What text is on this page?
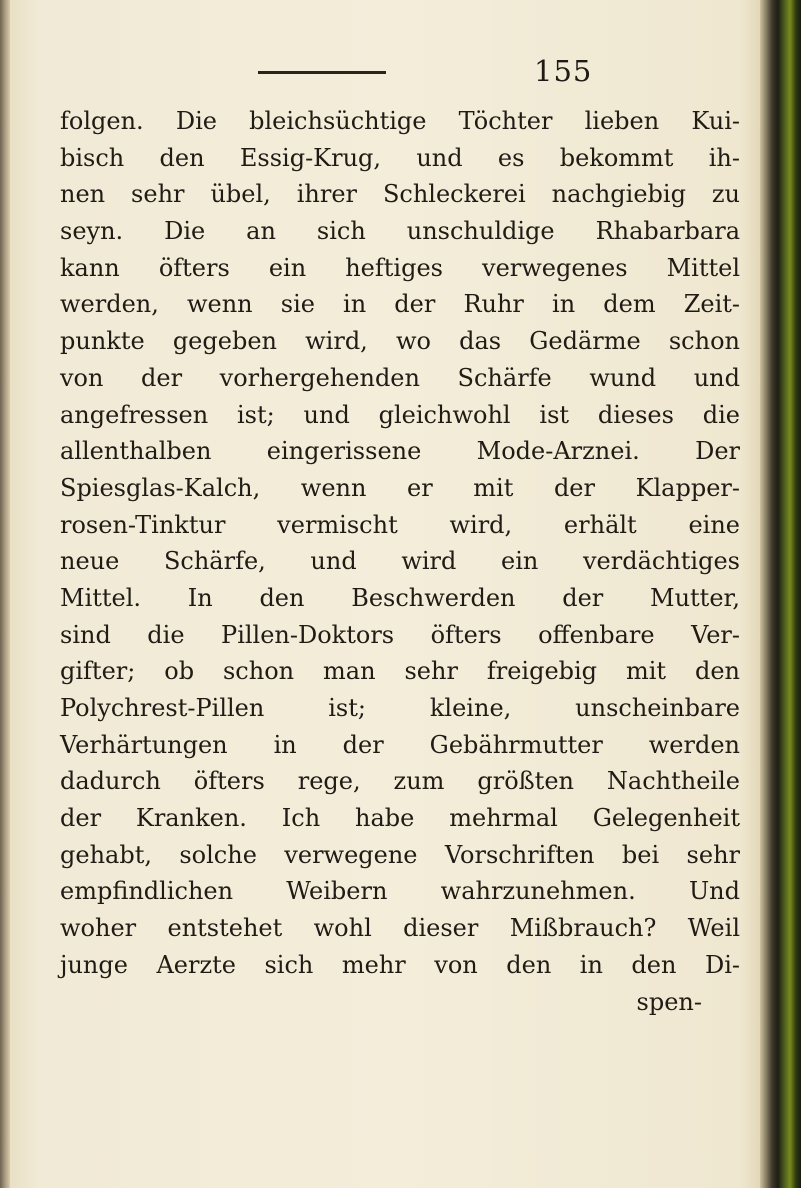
155
folgen. Die bleichsüchtige Töchter lieben Kui-
bisch den Essig-Krug, und es bekommt ih-
nen sehr übel, ihrer Schleckerei nachgiebig zu
seyn. Die an sich unschuldige Rhabarbara
kann öfters ein heftiges verwegenes Mittel
werden, wenn sie in der Ruhr in dem Zeit-
punkte gegeben wird, wo das Gedärme schon
von der vorhergehenden Schärfe wund und
angefressen ist; und gleichwohl ist dieses die
allenthalben eingerissene Mode-Arznei. Der
Spiesglas-Kalch, wenn er mit der Klapper-
rosen-Tinktur vermischt wird, erhält eine
neue Schärfe, und wird ein verdächtiges
Mittel. In den Beschwerden der Mutter,
sind die Pillen-Doktors öfters offenbare Ver-
gifter; ob schon man sehr freigebig mit den
Polychrest-Pillen ist; kleine, unscheinbare
Verhärtungen in der Gebährmutter werden
dadurch öfters rege, zum größten Nachtheile
der Kranken. Ich habe mehrmal Gelegenheit
gehabt, solche verwegene Vorschriften bei sehr
empfindlichen Weibern wahrzunehmen. Und
woher entstehet wohl dieser Mißbrauch? Weil
junge Aerzte sich mehr von den in den Di-
spen-
